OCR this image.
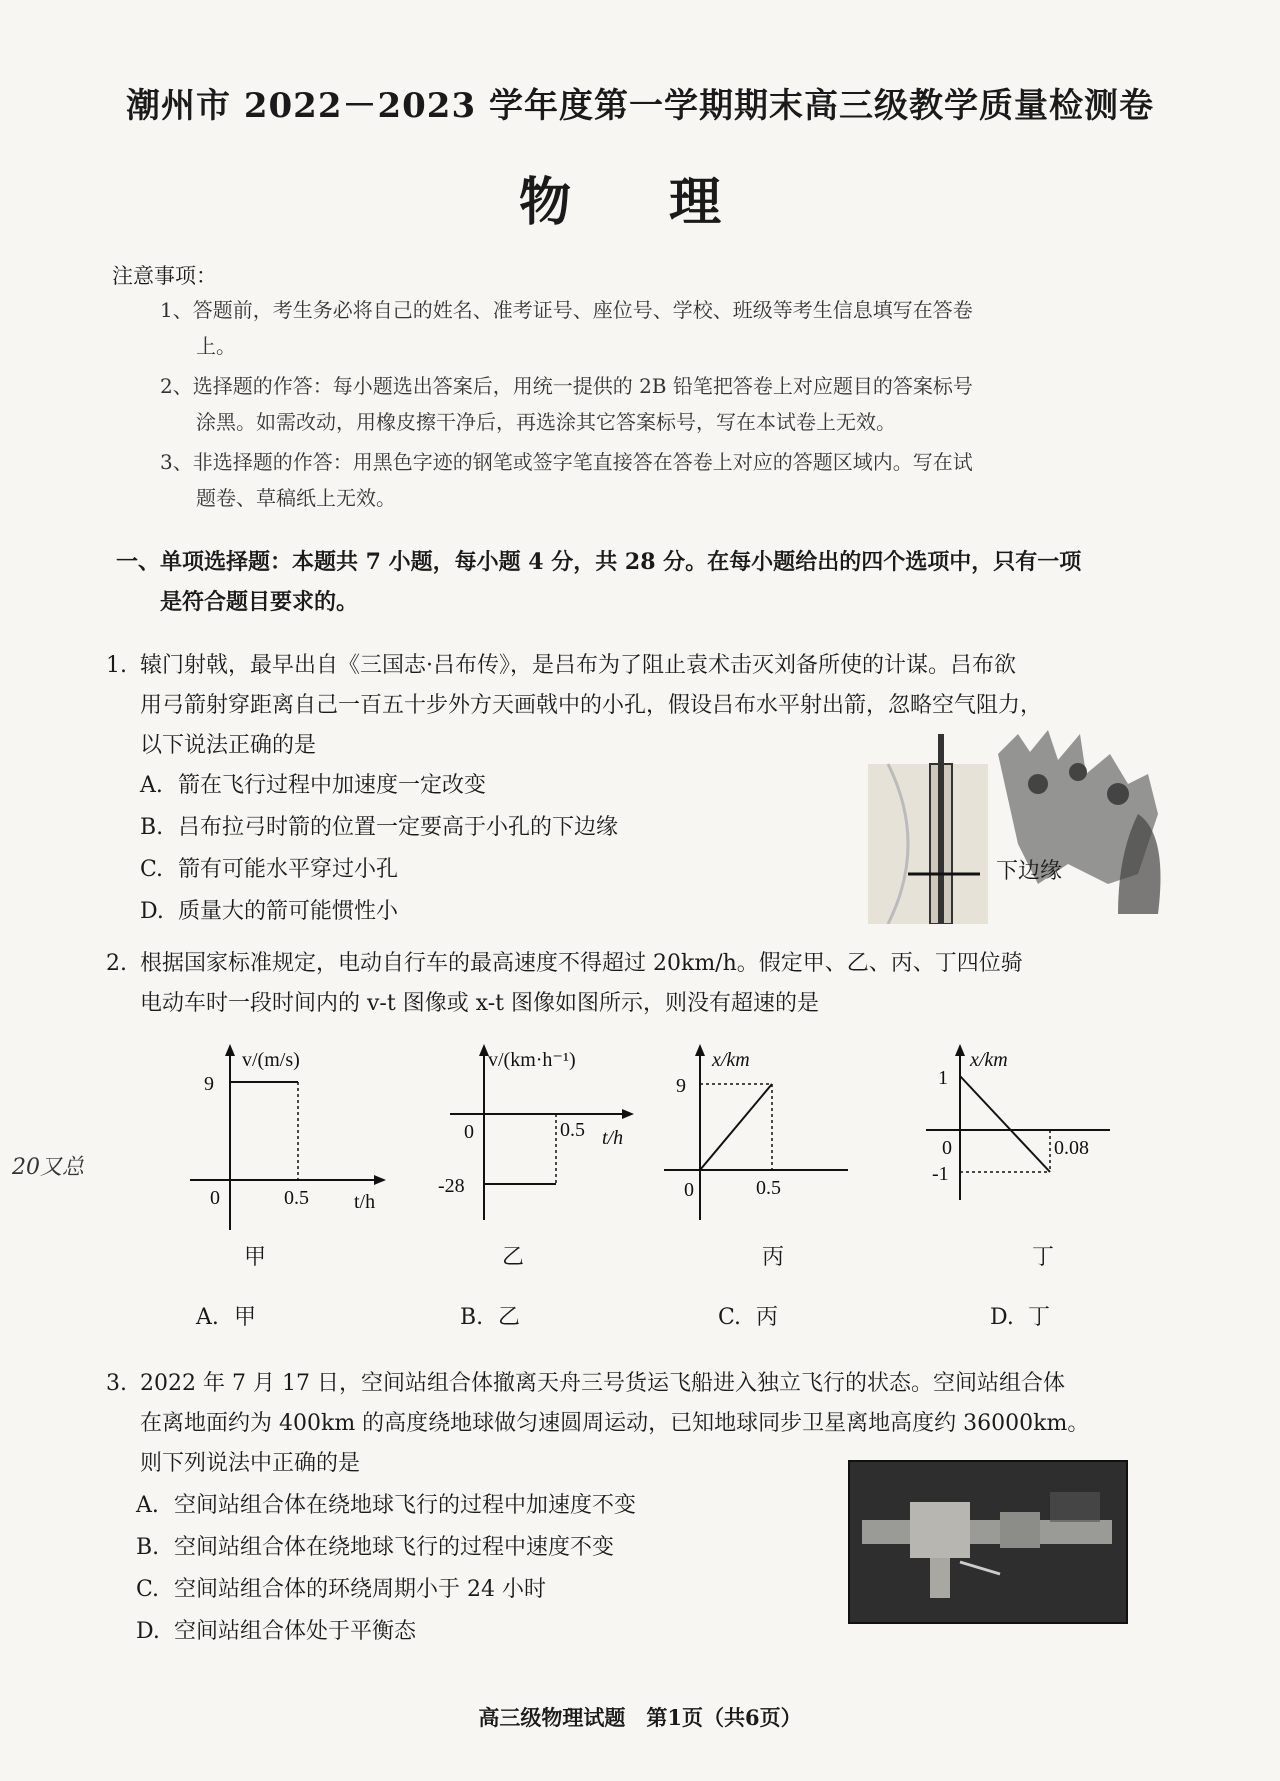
潮州市 2022－2023 学年度第一学期期末高三级教学质量检测卷
物 理
注意事项：
1、答题前，考生务必将自己的姓名、准考证号、座位号、学校、班级等考生信息填写在答卷
上。
2、选择题的作答：每小题选出答案后，用统一提供的 2B 铅笔把答卷上对应题目的答案标号
涂黑。如需改动，用橡皮擦干净后，再选涂其它答案标号，写在本试卷上无效。
3、非选择题的作答：用黑色字迹的钢笔或签字笔直接答在答卷上对应的答题区域内。写在试
题卷、草稿纸上无效。
一、单项选择题：本题共 7 小题，每小题 4 分，共 28 分。在每小题给出的四个选项中，只有一项
是符合题目要求的。
1. 辕门射戟，最早出自《三国志·吕布传》，是吕布为了阻止袁术击灭刘备所使的计谋。吕布欲
用弓箭射穿距离自己一百五十步外方天画戟中的小孔，假设吕布水平射出箭，忽略空气阻力，
以下说法正确的是
A. 箭在飞行过程中加速度一定改变
B. 吕布拉弓时箭的位置一定要高于小孔的下边缘
C. 箭有可能水平穿过小孔
D. 质量大的箭可能惯性小
下边缘
2. 根据国家标准规定，电动自行车的最高速度不得超过 20km/h。假定甲、乙、丙、丁四位骑
电动车时一段时间内的 v-t 图像或 x-t 图像如图所示，则没有超速的是
20又总
v/(m/s)
t/h
9
0.5
0
甲
v/(km·h⁻¹)
t/h
-28
0.5
0
乙
x/km
9
0.5
0
丙
x/km
1
-1
0.08
0
丁
A. 甲	B. 乙	C. 丙	D. 丁
3. 2022 年 7 月 17 日，空间站组合体撤离天舟三号货运飞船进入独立飞行的状态。空间站组合体
在离地面约为 400km 的高度绕地球做匀速圆周运动，已知地球同步卫星离地高度约 36000km。
则下列说法中正确的是
A. 空间站组合体在绕地球飞行的过程中加速度不变
B. 空间站组合体在绕地球飞行的过程中速度不变
C. 空间站组合体的环绕周期小于 24 小时
D. 空间站组合体处于平衡态
高三级物理试题　第1页（共6页）
